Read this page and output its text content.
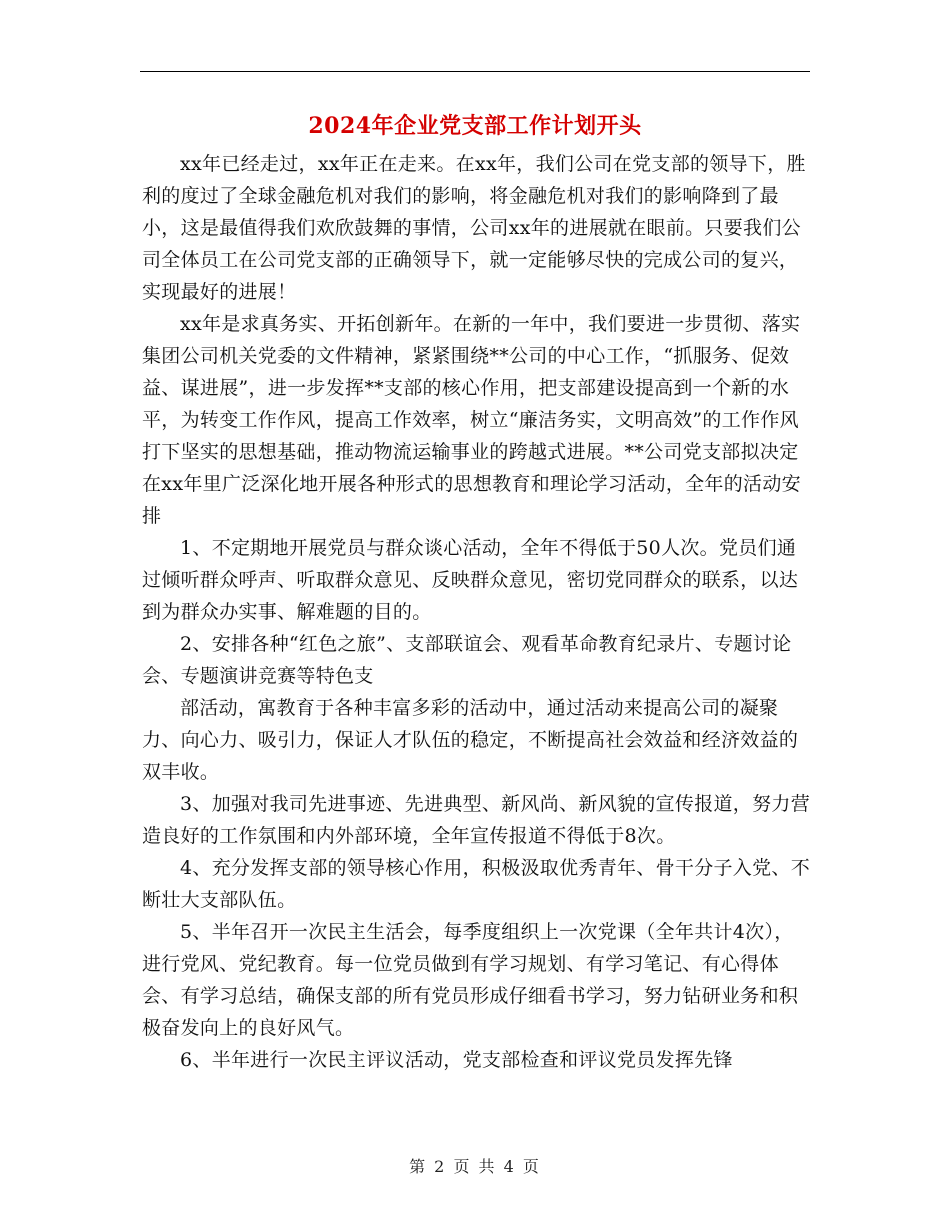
2024年企业党支部工作计划开头

xx年已经走过，xx年正在走来。在xx年，我们公司在党支部的领导下，胜利的度过了全球金融危机对我们的影响，将金融危机对我们的影响降到了最小，这是最值得我们欢欣鼓舞的事情，公司xx年的进展就在眼前。只要我们公司全体员工在公司党支部的正确领导下，就一定能够尽快的完成公司的复兴，实现最好的进展！

xx年是求真务实、开拓创新年。在新的一年中，我们要进一步贯彻、落实集团公司机关党委的文件精神，紧紧围绕**公司的中心工作，“抓服务、促效益、谋进展”，进一步发挥**支部的核心作用，把支部建设提高到一个新的水平，为转变工作作风，提高工作效率，树立“廉洁务实，文明高效”的工作作风打下坚实的思想基础，推动物流运输事业的跨越式进展。**公司党支部拟决定在xx年里广泛深化地开展各种形式的思想教育和理论学习活动，全年的活动安排

1、不定期地开展党员与群众谈心活动，全年不得低于50人次。党员们通过倾听群众呼声、听取群众意见、反映群众意见，密切党同群众的联系，以达到为群众办实事、解难题的目的。

2、安排各种“红色之旅”、支部联谊会、观看革命教育纪录片、专题讨论会、专题演讲竞赛等特色支

部活动，寓教育于各种丰富多彩的活动中，通过活动来提高公司的凝聚力、向心力、吸引力，保证人才队伍的稳定，不断提高社会效益和经济效益的双丰收。

3、加强对我司先进事迹、先进典型、新风尚、新风貌的宣传报道，努力营造良好的工作氛围和内外部环境，全年宣传报道不得低于8次。

4、充分发挥支部的领导核心作用，积极汲取优秀青年、骨干分子入党、不断壮大支部队伍。

5、半年召开一次民主生活会，每季度组织上一次党课（全年共计4次），进行党风、党纪教育。每一位党员做到有学习规划、有学习笔记、有心得体会、有学习总结，确保支部的所有党员形成仔细看书学习，努力钻研业务和积极奋发向上的良好风气。

6、半年进行一次民主评议活动，党支部检查和评议党员发挥先锋

第 2 页 共 4 页
